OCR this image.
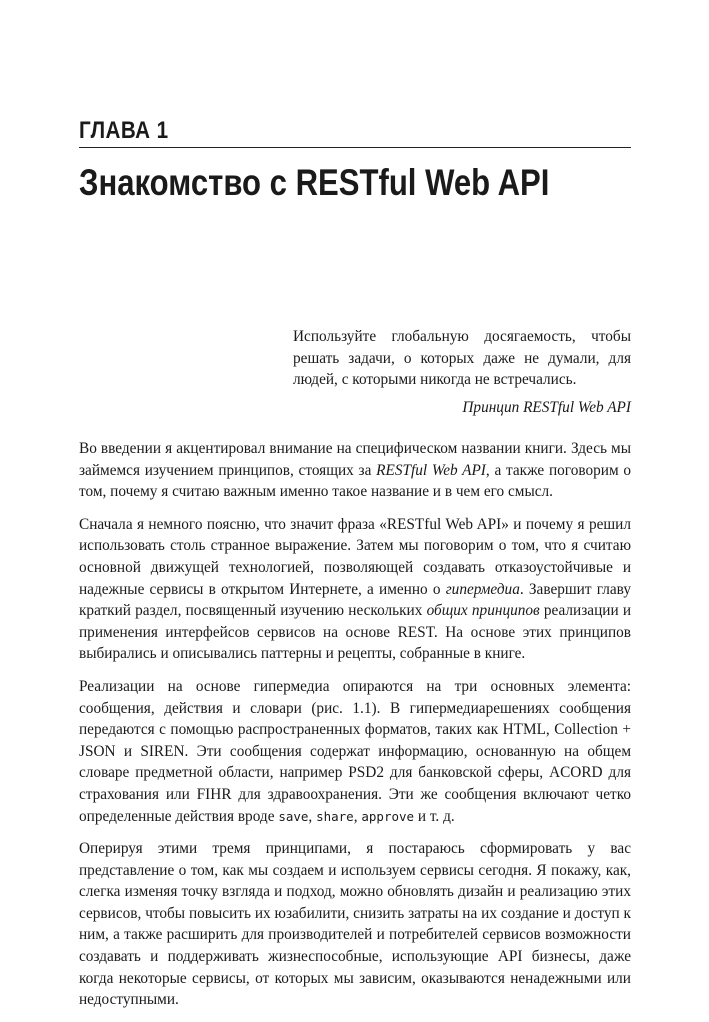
ГЛАВА 1
Знакомство с RESTful Web API
Используйте глобальную досягаемость, чтобы решать задачи, о которых даже не думали, для людей, с которыми никогда не встречались.
Принцип RESTful Web API

Во введении я акцентировал внимание на специфическом названии книги. Здесь мы займемся изучением принципов, стоящих за RESTful Web API, а также поговорим о том, почему я считаю важным именно такое название и в чем его смысл.

Сначала я немного поясню, что значит фраза «RESTful Web API» и почему я решил использовать столь странное выражение. Затем мы поговорим о том, что я считаю основной движущей технологией, позволяющей создавать отказоустойчивые и надежные сервисы в открытом Интернете, а именно о гипермедиа. Завершит главу краткий раздел, посвященный изучению нескольких общих принципов реализации и применения интерфейсов сервисов на основе REST. На основе этих принципов выбирались и описывались паттерны и рецепты, собранные в книге.

Реализации на основе гипермедиа опираются на три основных элемента: сообщения, действия и словари (рис. 1.1). В гипермедиарешениях сообщения передаются с помощью распространенных форматов, таких как HTML, Collection + JSON и SIREN. Эти сообщения содержат информацию, основанную на общем словаре предметной области, например PSD2 для банковской сферы, ACORD для страхования или FIHR для здравоохранения. Эти же сообщения включают четко определенные действия вроде save, share, approve и т. д.

Оперируя этими тремя принципами, я постараюсь сформировать у вас представление о том, как мы создаем и используем сервисы сегодня. Я покажу, как, слегка изменяя точку взгляда и подход, можно обновлять дизайн и реализацию этих сервисов, чтобы повысить их юзабилити, снизить затраты на их создание и доступ к ним, а также расширить для производителей и потребителей сервисов возможности создавать и поддерживать жизнеспособные, использующие API бизнесы, даже когда некоторые сервисы, от которых мы зависим, оказываются ненадежными или недоступными.
